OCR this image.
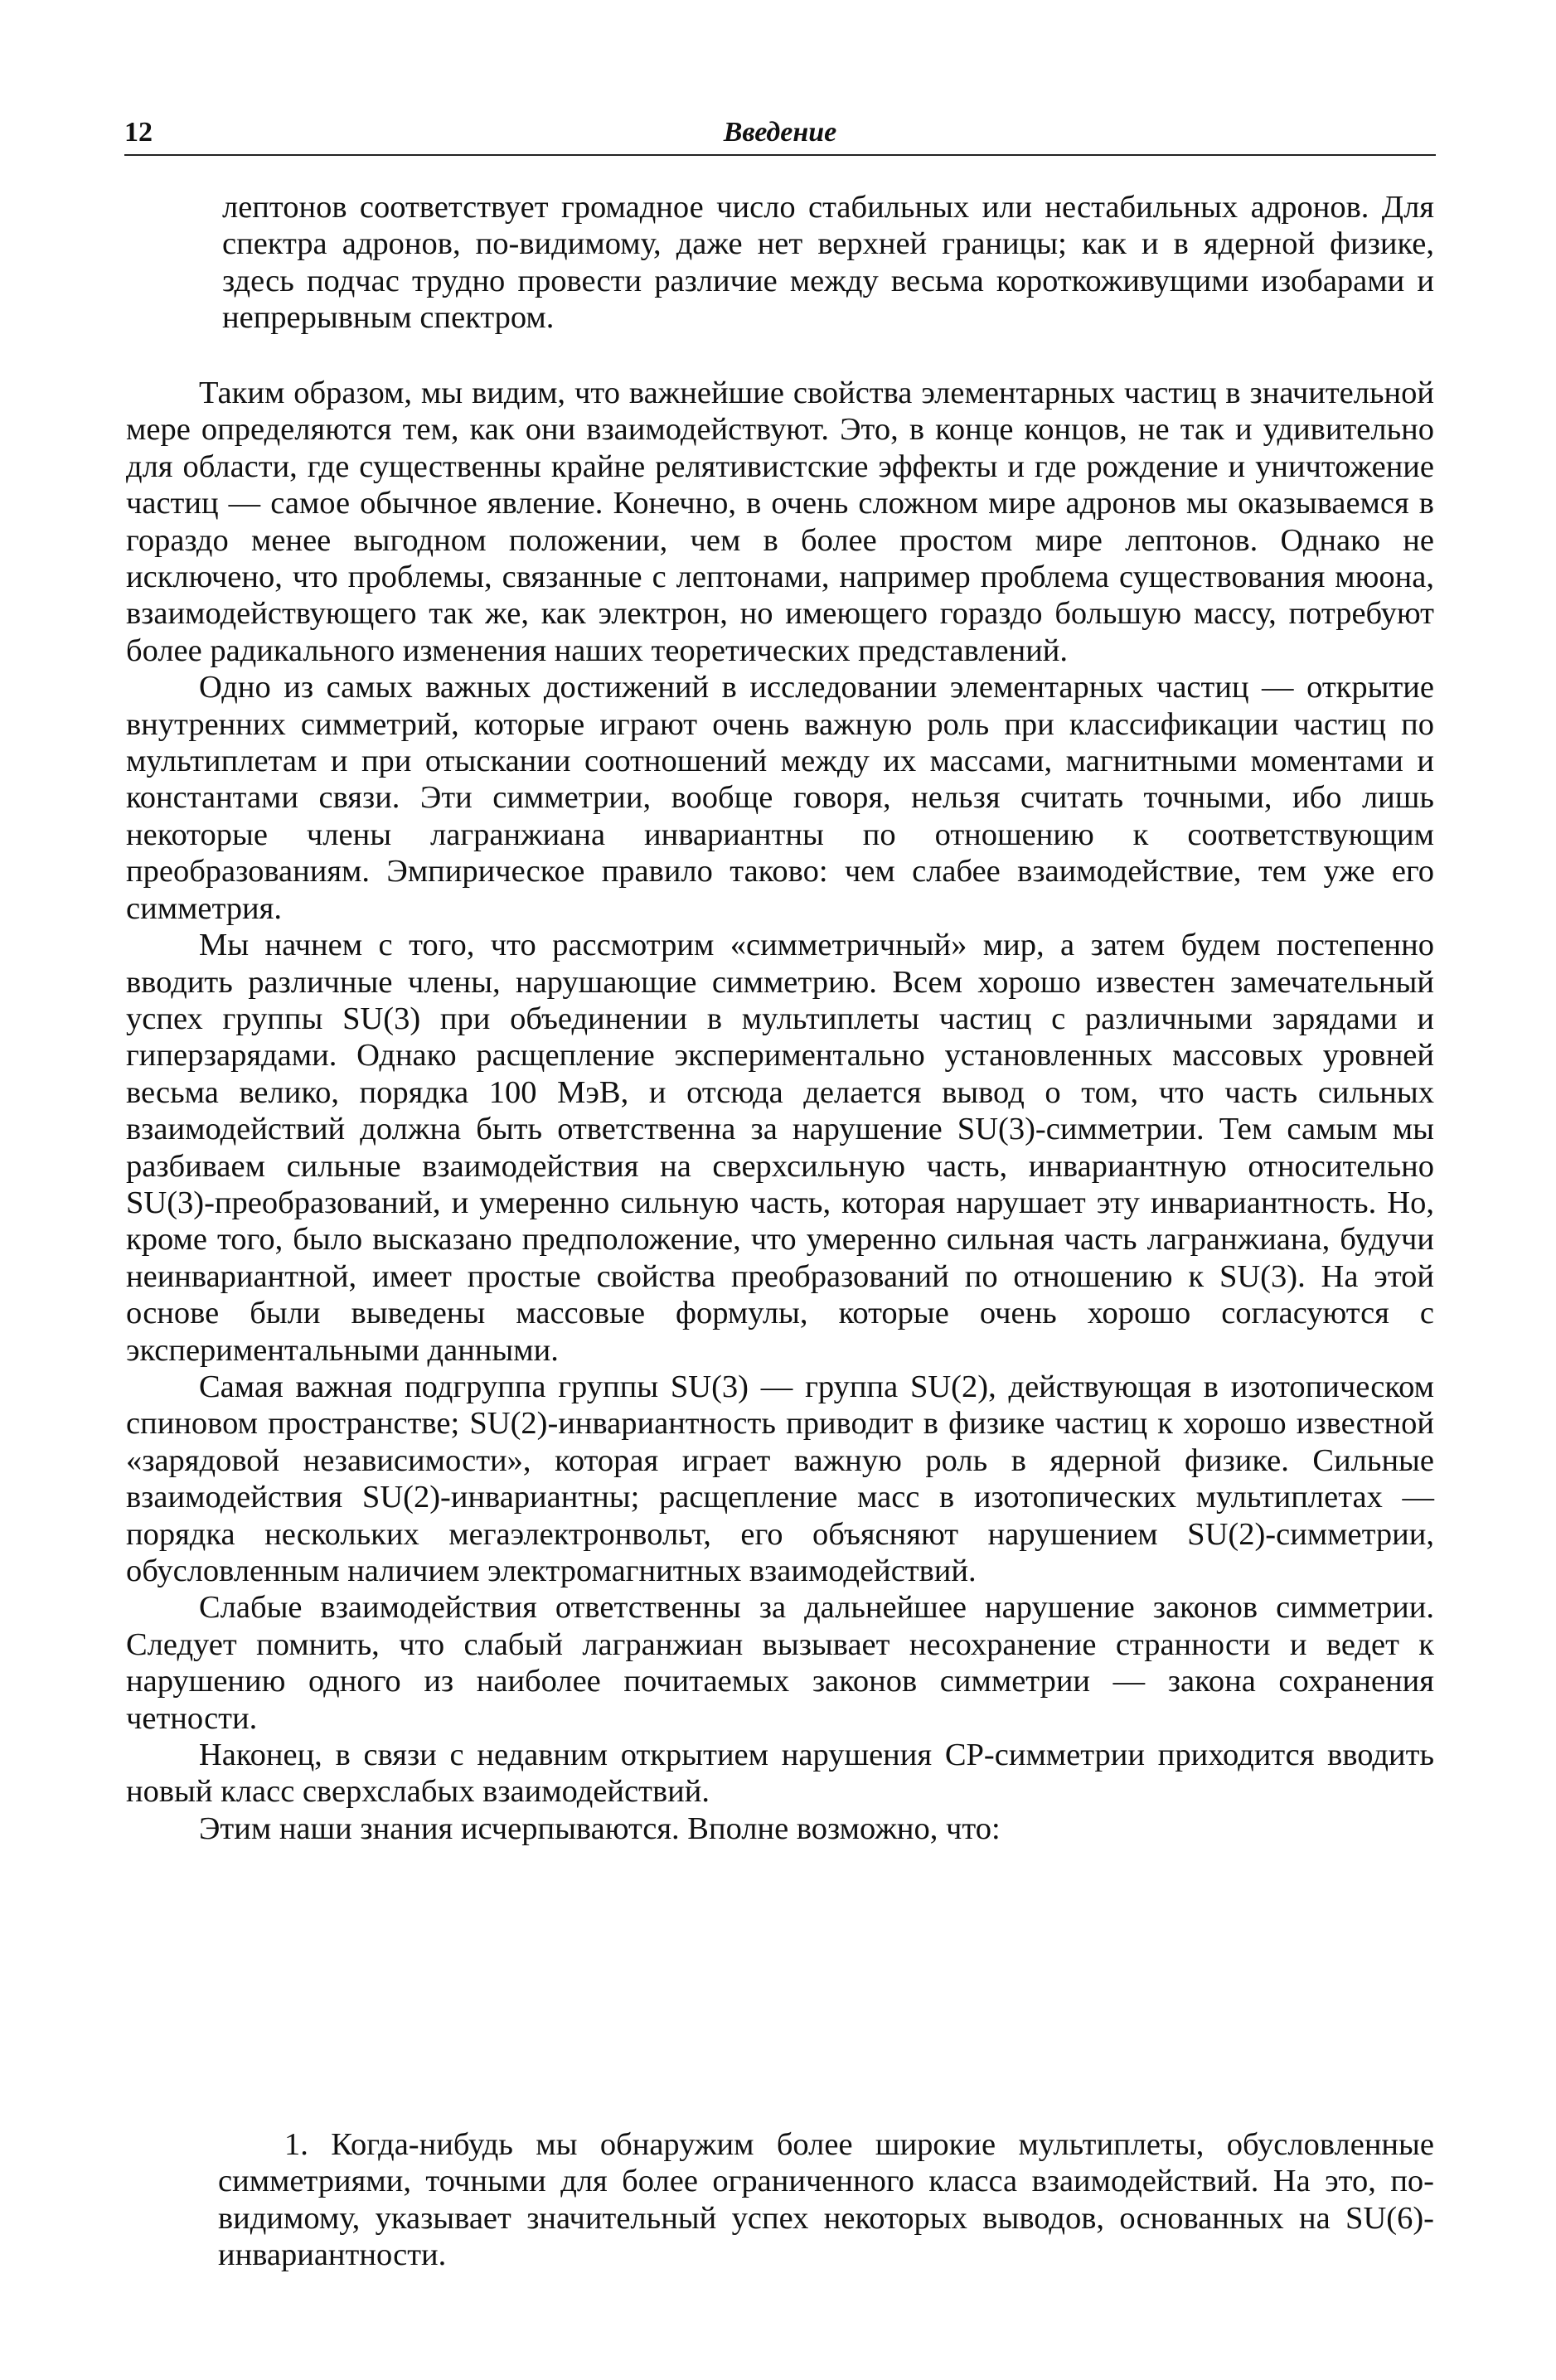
12	Введение

лептонов соответствует громадное число стабильных или нестабильных адронов. Для спектра адронов, по-видимому, даже нет верхней границы; как и в ядерной физике, здесь подчас трудно провести различие между весьма короткоживущими изобарами и непрерывным спектром.

Таким образом, мы видим, что важнейшие свойства элементарных частиц в значительной мере определяются тем, как они взаимодействуют. Это, в конце концов, не так и удивительно для области, где существенны крайне релятивистские эффекты и где рождение и уничтожение частиц — самое обычное явление. Конечно, в очень сложном мире адронов мы оказываемся в гораздо менее выгодном положении, чем в более простом мире лептонов. Однако не исключено, что проблемы, связанные с лептонами, например проблема существования мюона, взаимодействующего так же, как электрон, но имеющего гораздо большую массу, потребуют более радикального изменения наших теоретических представлений.

Одно из самых важных достижений в исследовании элементарных частиц — открытие внутренних симметрий, которые играют очень важную роль при классификации частиц по мультиплетам и при отыскании соотношений между их массами, магнитными моментами и константами связи. Эти симметрии, вообще говоря, нельзя считать точными, ибо лишь некоторые члены лагранжиана инвариантны по отношению к соответствующим преобразованиям. Эмпирическое правило таково: чем слабее взаимодействие, тем уже его симметрия.

Мы начнем с того, что рассмотрим «симметричный» мир, а затем будем постепенно вводить различные члены, нарушающие симметрию. Всем хорошо известен замечательный успех группы SU(3) при объединении в мультиплеты частиц с различными зарядами и гиперзарядами. Однако расщепление экспериментально установленных массовых уровней весьма велико, порядка 100 МэВ, и отсюда делается вывод о том, что часть сильных взаимодействий должна быть ответственна за нарушение SU(3)-симметрии. Тем самым мы разбиваем сильные взаимодействия на сверхсильную часть, инвариантную относительно SU(3)-преобразований, и умеренно сильную часть, которая нарушает эту инвариантность. Но, кроме того, было высказано предположение, что умеренно сильная часть лагранжиана, будучи неинвариантной, имеет простые свойства преобразований по отношению к SU(3). На этой основе были выведены массовые формулы, которые очень хорошо согласуются с экспериментальными данными.

Самая важная подгруппа группы SU(3) — группа SU(2), действующая в изотопическом спиновом пространстве; SU(2)-инвариантность приводит в физике частиц к хорошо известной «зарядовой независимости», которая играет важную роль в ядерной физике. Сильные взаимодействия SU(2)-инвариантны; расщепление масс в изотопических мультиплетах — порядка нескольких мегаэлектронвольт, его объясняют нарушением SU(2)-симметрии, обусловленным наличием электромагнитных взаимодействий.

Слабые взаимодействия ответственны за дальнейшее нарушение законов симметрии. Следует помнить, что слабый лагранжиан вызывает несохранение странности и ведет к нарушению одного из наиболее почитаемых законов симметрии — закона сохранения четности.

Наконец, в связи с недавним открытием нарушения CP-симметрии приходится вводить новый класс сверхслабых взаимодействий.

Этим наши знания исчерпываются. Вполне возможно, что:

1. Когда-нибудь мы обнаружим более широкие мультиплеты, обусловленные симметриями, точными для более ограниченного класса взаимодействий. На это, по-видимому, указывает значительный успех некоторых выводов, основанных на SU(6)-инвариантности.
